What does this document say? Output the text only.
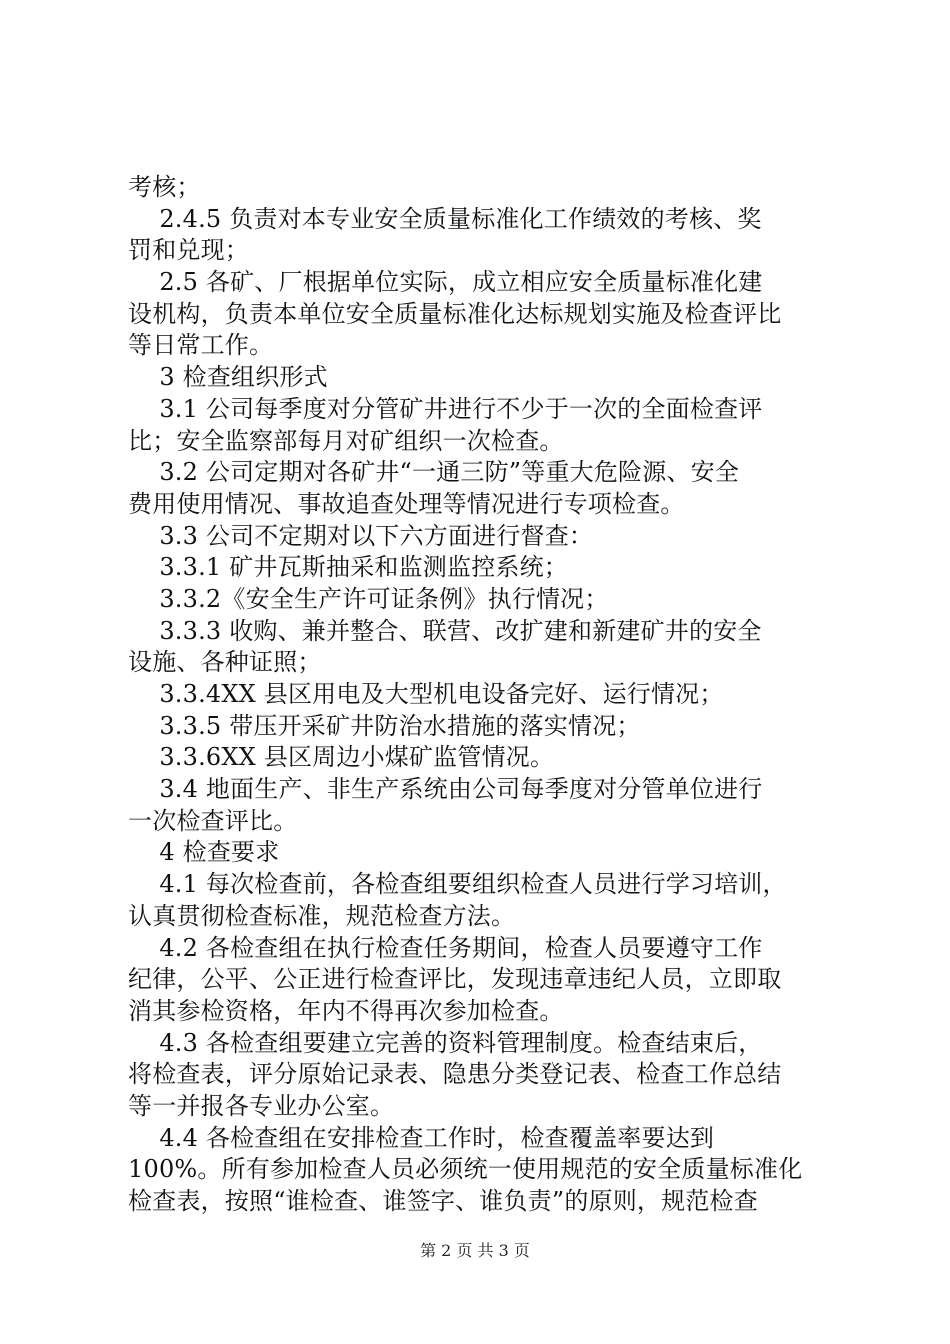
考核；
2.4.5 负责对本专业安全质量标准化工作绩效的考核、奖
罚和兑现；
2.5 各矿、厂根据单位实际，成立相应安全质量标准化建
设机构，负责本单位安全质量标准化达标规划实施及检查评比
等日常工作。
3 检查组织形式
3.1 公司每季度对分管矿井进行不少于一次的全面检查评
比；安全监察部每月对矿组织一次检查。
3.2 公司定期对各矿井“一通三防”等重大危险源、安全
费用使用情况、事故追查处理等情况进行专项检查。
3.3 公司不定期对以下六方面进行督查：
3.3.1 矿井瓦斯抽采和监测监控系统；
3.3.2《安全生产许可证条例》执行情况；
3.3.3 收购、兼并整合、联营、改扩建和新建矿井的安全
设施、各种证照；
3.3.4XX 县区用电及大型机电设备完好、运行情况；
3.3.5 带压开采矿井防治水措施的落实情况；
3.3.6XX 县区周边小煤矿监管情况。
3.4 地面生产、非生产系统由公司每季度对分管单位进行
一次检查评比。
4 检查要求
4.1 每次检查前，各检查组要组织检查人员进行学习培训，
认真贯彻检查标准，规范检查方法。
4.2 各检查组在执行检查任务期间，检查人员要遵守工作
纪律，公平、公正进行检查评比，发现违章违纪人员，立即取
消其参检资格，年内不得再次参加检查。
4.3 各检查组要建立完善的资料管理制度。检查结束后，
将检查表，评分原始记录表、隐患分类登记表、检查工作总结
等一并报各专业办公室。
4.4 各检查组在安排检查工作时，检查覆盖率要达到
100%。所有参加检查人员必须统一使用规范的安全质量标准化
检查表，按照“谁检查、谁签字、谁负责”的原则，规范检查
第 2 页 共 3 页
